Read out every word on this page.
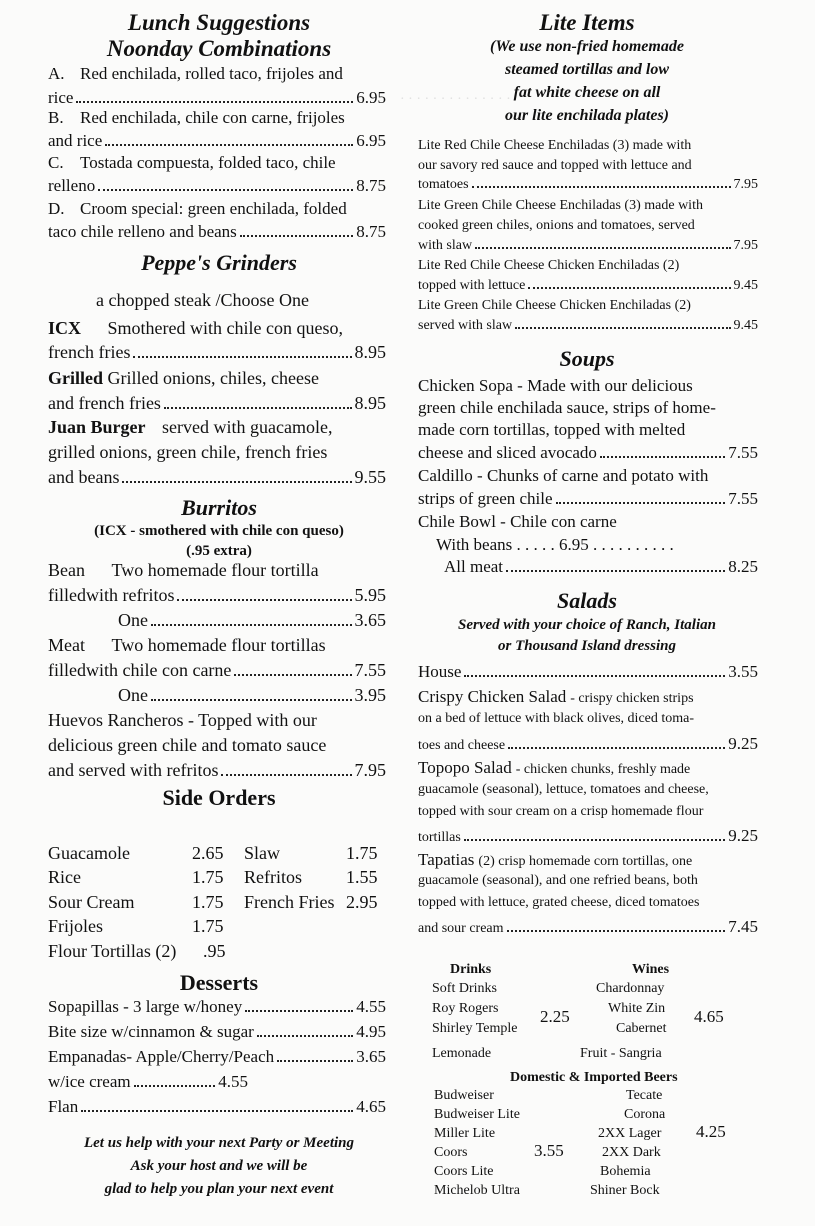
· · · · · · · · · · · · · ·
Lunch Suggestions
Noonday Combinations
A. Red enchilada, rolled taco, frijoles and
rice	6.95
B. Red enchilada, chile con carne, frijoles
and rice	6.95
C. Tostada compuesta, folded taco, chile
relleno	8.75
D. Croom special: green enchilada, folded
taco chile relleno and beans	8.75
Peppe's Grinders
a chopped steak /Choose One
ICX Smothered with chile con queso,
french fries	8.95
Grilled Grilled onions, chiles, cheese
and french fries	8.95
Juan Burger served with guacamole,
grilled onions, green chile, french fries
and beans	9.55
Burritos
(ICX - smothered with chile con queso)
(.95 extra)
Bean Two homemade flour tortilla
filledwith refritos	5.95
One	3.65
Meat Two homemade flour tortillas
filledwith chile con carne	7.55
One	3.95
Huevos Rancheros - Topped with our
delicious green chile and tomato sauce
and served with refritos	7.95
Side Orders
Guacamole	2.65 Slaw	1.75
Rice	1.75 Refritos 1.55
Sour Cream	1.75 French Fries 2.95
Frijoles	1.75
Flour Tortillas (2) .95
Desserts
Sopapillas - 3 large w/honey	4.55
Bite size w/cinnamon & sugar	4.95
Empanadas- Apple/Cherry/Peach	3.65
w/ice cream	4.55
Flan	4.65
Let us help with your next Party or Meeting
Ask your host and we will be
glad to help you plan your next event
Lite Items
(We use non-fried homemade
steamed tortillas and low
fat white cheese on all
our lite enchilada plates)
Lite Red Chile Cheese Enchiladas (3) made with
our savory red sauce and topped with lettuce and
tomatoes	7.95
Lite Green Chile Cheese Enchiladas (3) made with
cooked green chiles, onions and tomatoes, served
with slaw	7.95
Lite Red Chile Cheese Chicken Enchiladas (2)
topped with lettuce	9.45
Lite Green Chile Cheese Chicken Enchiladas (2)
served with slaw	9.45
Soups
Chicken Sopa - Made with our delicious
green chile enchilada sauce, strips of home-
made corn tortillas, topped with melted
cheese and sliced avocado	7.55
Caldillo - Chunks of carne and potato with
strips of green chile	7.55
Chile Bowl - Chile con carne
With beans . . . . . 6.95 . . . . . . . . . .
All meat	8.25
Salads
Served with your choice of Ranch, Italian
or Thousand Island dressing
House	3.55
Crispy Chicken Salad - crispy chicken strips
on a bed of lettuce with black olives, diced toma-
toes and cheese	9.25
Topopo Salad - chicken chunks, freshly made
guacamole (seasonal), lettuce, tomatoes and cheese,
topped with sour cream on a crisp homemade flour
tortillas	9.25
Tapatias (2) crisp homemade corn tortillas, one
guacamole (seasonal), and one refried beans, both
topped with lettuce, grated cheese, diced tomatoes
and sour cream	7.45
Drinks
Soft Drinks
Roy Rogers
Shirley Temple
Lemonade
2.25
Wines
Chardonnay
White Zin
Cabernet
4.65
Fruit - Sangria
Domestic & Imported Beers
Budweiser
Budweiser Lite
Miller Lite
Coors
Coors Lite
Michelob Ultra
3.55
Tecate
Corona
2XX Lager
2XX Dark
Bohemia
Shiner Bock
4.25
